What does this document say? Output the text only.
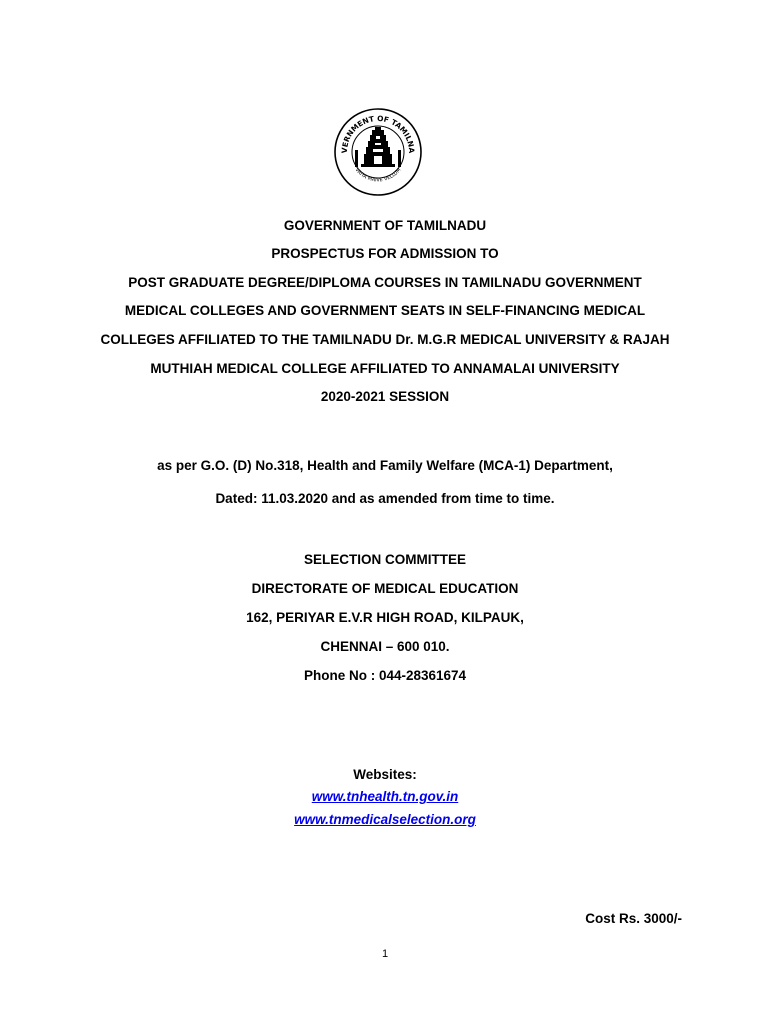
VERNMENT OF TAMILNA
VAIYA MAIVE VELLUM
GOVERNMENT OF TAMILNADU
PROSPECTUS FOR ADMISSION TO
POST GRADUATE DEGREE/DIPLOMA COURSES IN TAMILNADU GOVERNMENT
MEDICAL COLLEGES AND GOVERNMENT SEATS IN SELF-FINANCING MEDICAL
COLLEGES AFFILIATED TO THE TAMILNADU Dr. M.G.R MEDICAL UNIVERSITY & RAJAH
MUTHIAH MEDICAL COLLEGE AFFILIATED TO ANNAMALAI UNIVERSITY
2020-2021 SESSION
as per G.O. (D) No.318, Health and Family Welfare (MCA-1) Department,
Dated: 11.03.2020 and as amended from time to time.
SELECTION COMMITTEE
DIRECTORATE OF MEDICAL EDUCATION
162, PERIYAR E.V.R HIGH ROAD, KILPAUK,
CHENNAI – 600 010.
Phone No : 044-28361674
Websites:
www.tnhealth.tn.gov.in
www.tnmedicalselection.org
Cost Rs. 3000/-
1
